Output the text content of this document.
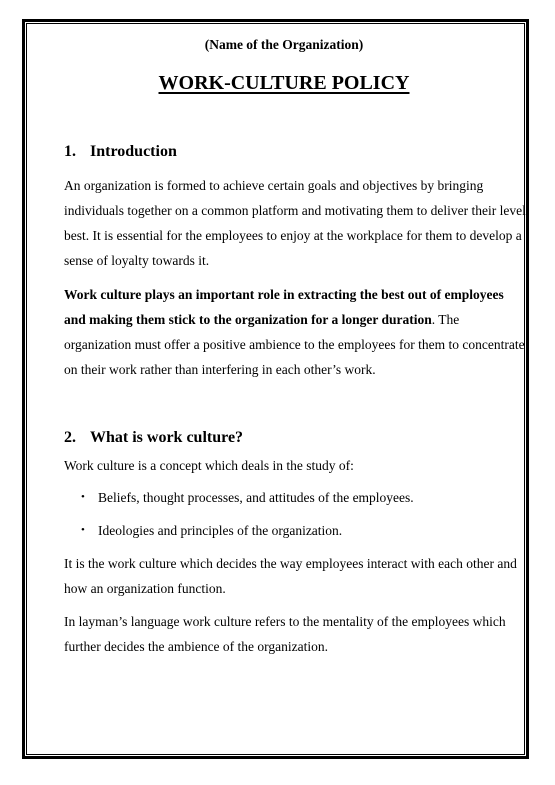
(Name of the Organization)
WORK-CULTURE POLICY
1. Introduction

An organization is formed to achieve certain goals and objectives by bringing

individuals together on a common platform and motivating them to deliver their level

best. It is essential for the employees to enjoy at the workplace for them to develop a

sense of loyalty towards it.

Work culture plays an important role in extracting the best out of employees

and making them stick to the organization for a longer duration. The

organization must offer a positive ambience to the employees for them to concentrate

on their work rather than interfering in each other’s work.

2. What is work culture?

Work culture is a concept which deals in the study of:

• Beliefs, thought processes, and attitudes of the employees.
• Ideologies and principles of the organization.

It is the work culture which decides the way employees interact with each other and

how an organization function.

In layman’s language work culture refers to the mentality of the employees which

further decides the ambience of the organization.
